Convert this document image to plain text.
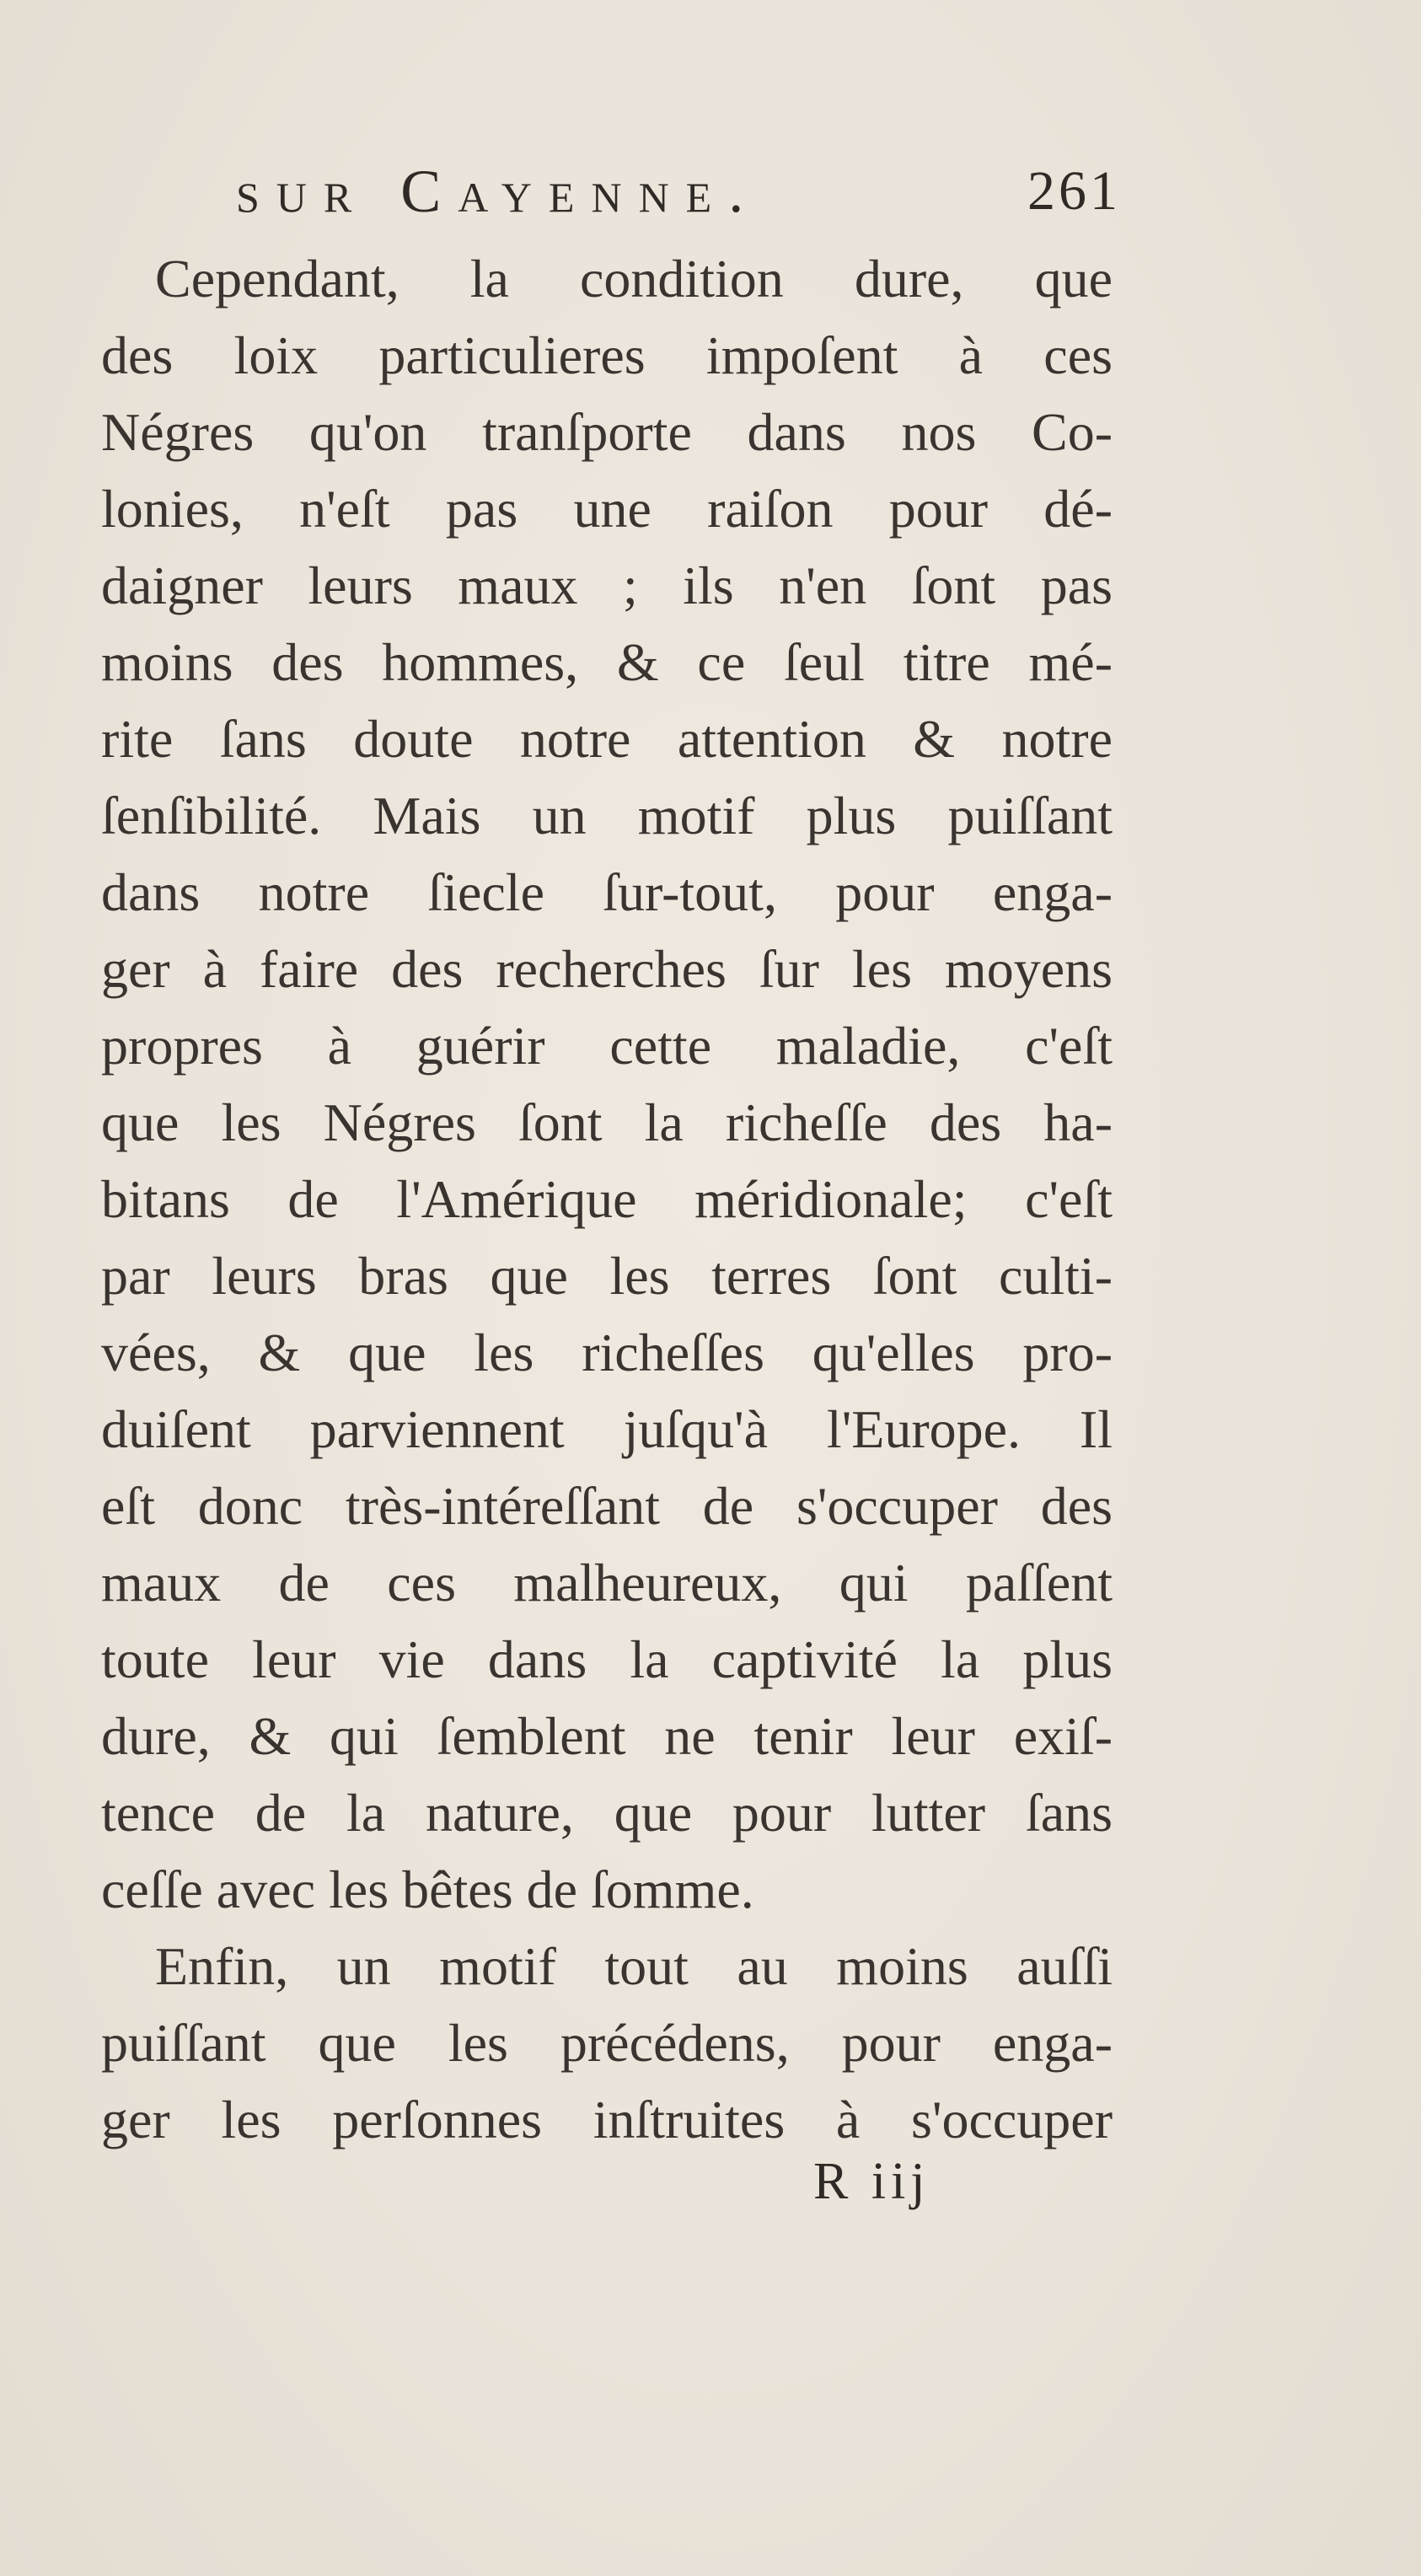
sur Cayenne.	261
Cependant, la condition dure, que
des loix particulieres impoſent à ces
Négres qu'on tranſporte dans nos Co-
lonies, n'eſt pas une raiſon pour dé-
daigner leurs maux ; ils n'en ſont pas
moins des hommes, & ce ſeul titre mé-
rite ſans doute notre attention & notre
ſenſibilité. Mais un motif plus puiſſant
dans notre ſiecle ſur-tout, pour enga-
ger à faire des recherches ſur les moyens
propres à guérir cette maladie, c'eſt
que les Négres ſont la richeſſe des ha-
bitans de l'Amérique méridionale; c'eſt
par leurs bras que les terres ſont culti-
vées, & que les richeſſes qu'elles pro-
duiſent parviennent juſqu'à l'Europe. Il
eſt donc très-intéreſſant de s'occuper des
maux de ces malheureux, qui paſſent
toute leur vie dans la captivité la plus
dure, & qui ſemblent ne tenir leur exiſ-
tence de la nature, que pour lutter ſans
ceſſe avec les bêtes de ſomme.
Enfin, un motif tout au moins auſſi
puiſſant que les précédens, pour enga-
ger les perſonnes inſtruites à s'occuper
R iij
